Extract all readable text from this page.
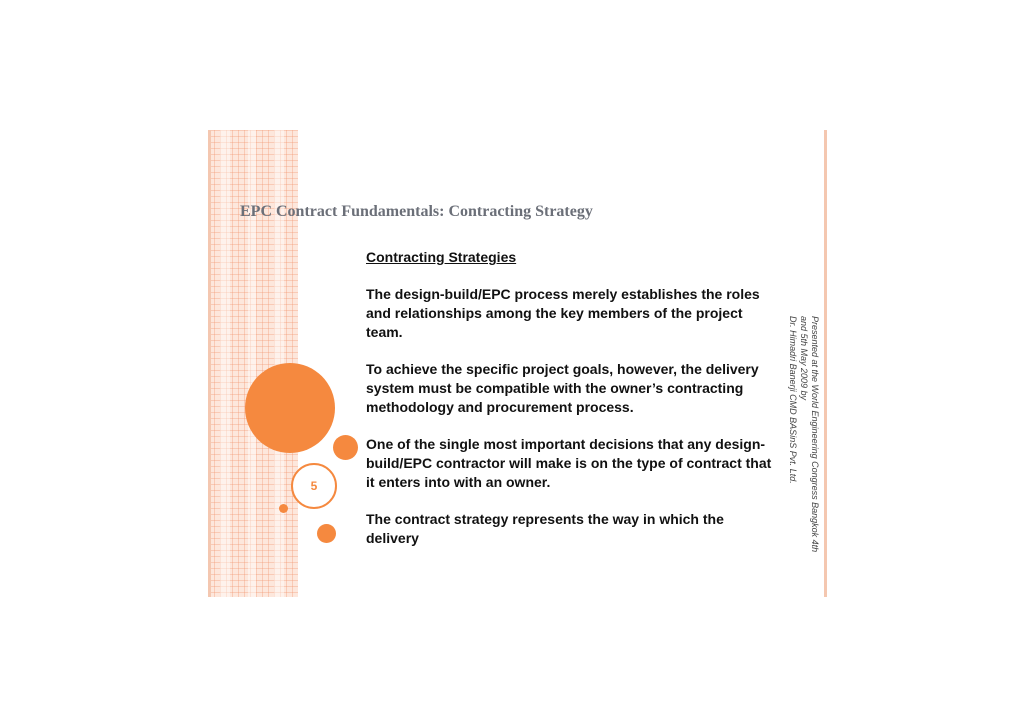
EPC Contract Fundamentals: Contracting Strategy
5
Contracting Strategies

The design-build/EPC process merely establishes the roles and relationships among the key members of the project team.

To achieve the specific project goals, however, the delivery system must be compatible with the owner’s contracting methodology and procurement process.

One of the single most important decisions that any design-build/EPC contractor will make is on the type of contract that it enters into with an owner.

The contract strategy represents the way in which the delivery	Presented at the World Engineering Congress Bangkok 4th
and 5th May 2009 by
Dr. Himadri Banerji CMD BASinS Pvt. Ltd.
